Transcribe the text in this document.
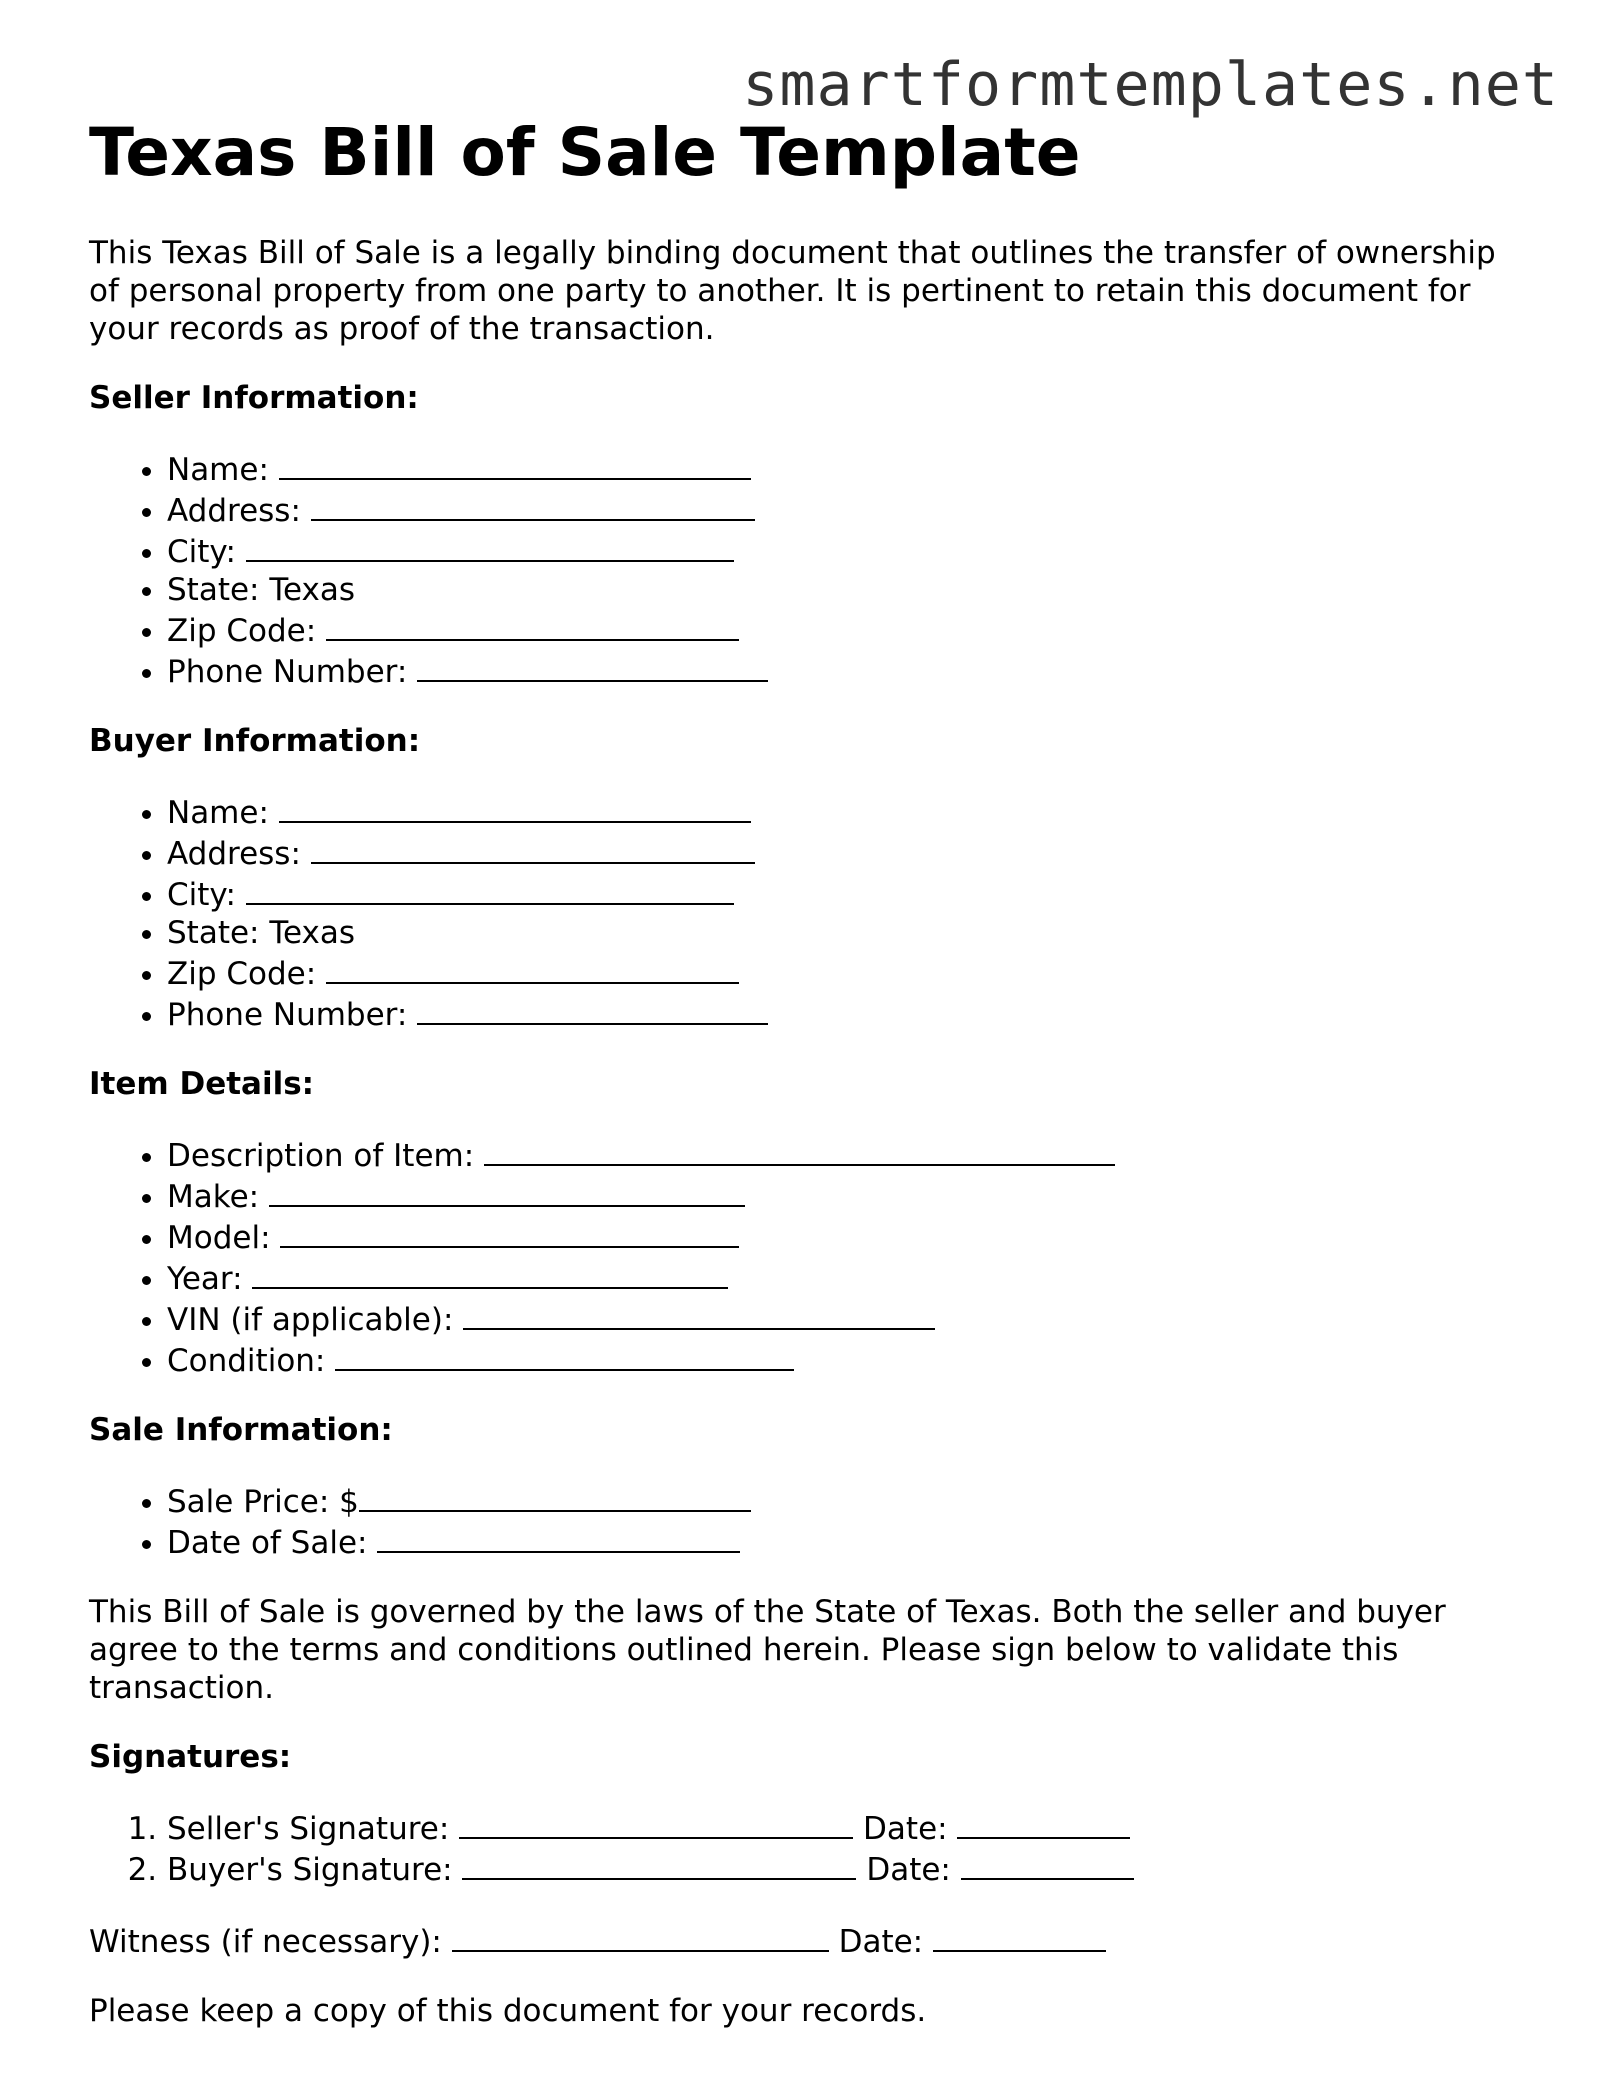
smartformtemplates.net
Texas Bill of Sale Template

This Texas Bill of Sale is a legally binding document that outlines the transfer of ownership of personal property from one party to another. It is pertinent to retain this document for your records as proof of the transaction.

Seller Information:

• Name:
• Address:
• City:
• State: Texas
• Zip Code:
• Phone Number:

Buyer Information:

• Name:
• Address:
• City:
• State: Texas
• Zip Code:
• Phone Number:

Item Details:

• Description of Item:
• Make:
• Model:
• Year:
• VIN (if applicable):
• Condition:

Sale Information:

• Sale Price: $
• Date of Sale:

This Bill of Sale is governed by the laws of the State of Texas. Both the seller and buyer agree to the terms and conditions outlined herein. Please sign below to validate this transaction.

Signatures:

1. Seller's Signature:	Date:
2. Buyer's Signature:	Date:

Witness (if necessary):	Date:

Please keep a copy of this document for your records.
